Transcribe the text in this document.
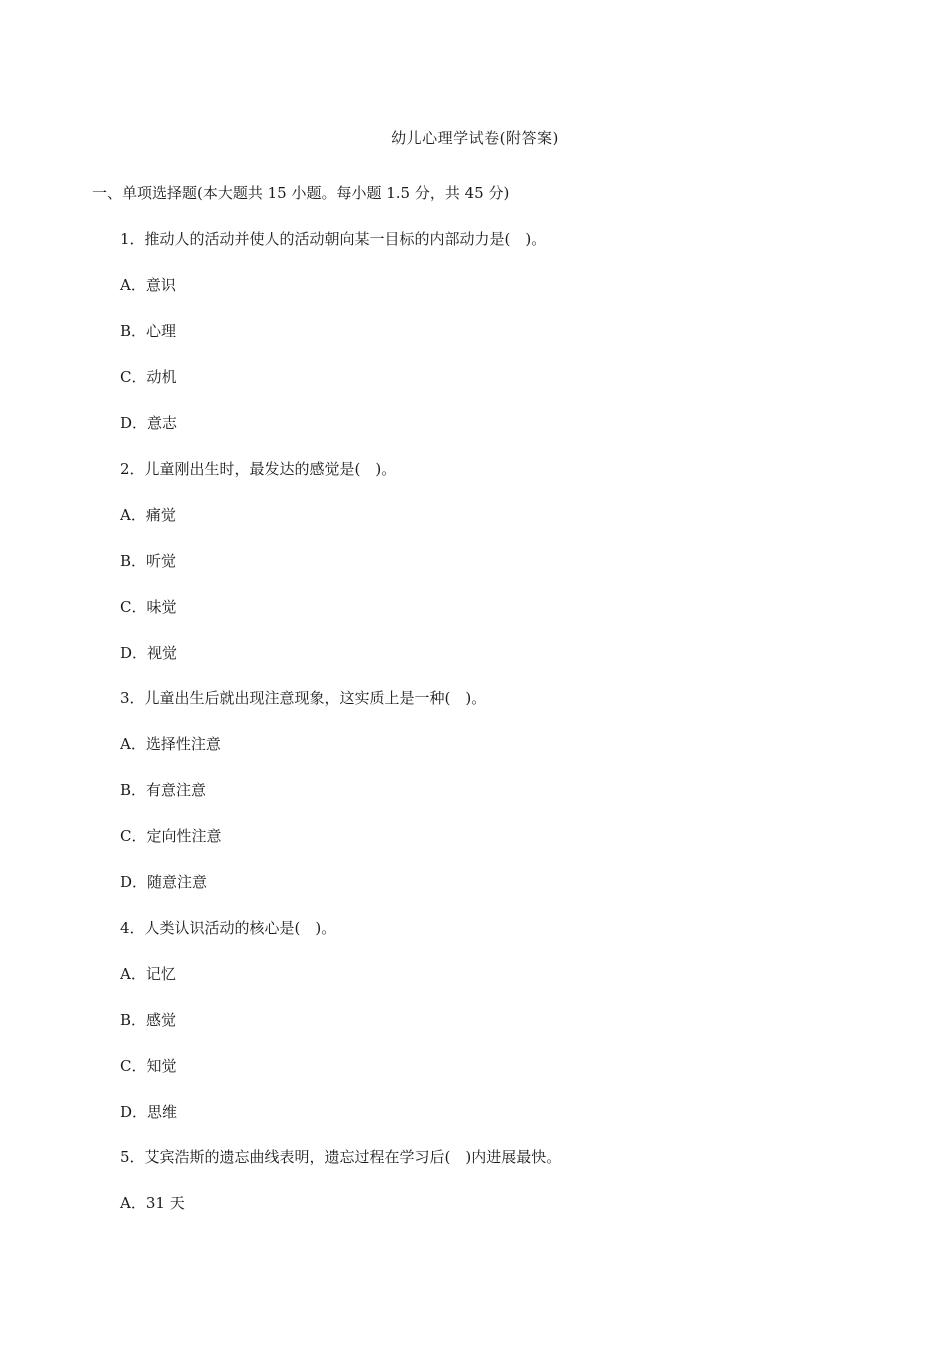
幼儿心理学试卷(附答案)
一、单项选择题(本大题共 15 小题。每小题 1.5 分，共 45 分)
1．推动人的活动并使人的活动朝向某一目标的内部动力是(　)。
A．意识
B．心理
C．动机
D．意志
2．儿童刚出生时，最发达的感觉是(　)。
A．痛觉
B．听觉
C．味觉
D．视觉
3．儿童出生后就出现注意现象，这实质上是一种(　)。
A．选择性注意
B．有意注意
C．定向性注意
D．随意注意
4．人类认识活动的核心是(　)。
A．记忆
B．感觉
C．知觉
D．思维
5．艾宾浩斯的遗忘曲线表明，遗忘过程在学习后(　)内进展最快。
A．31 天
